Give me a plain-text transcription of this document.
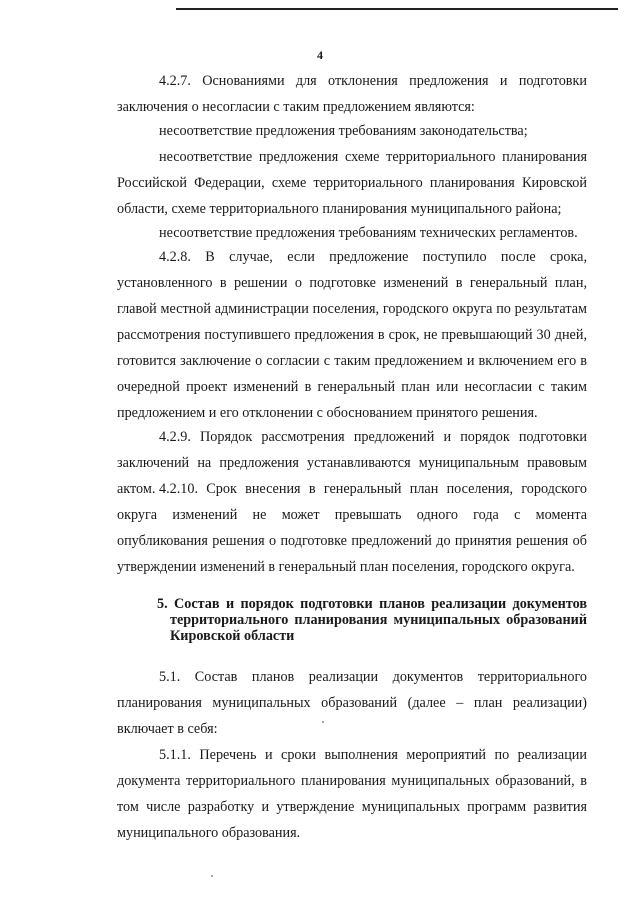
4

4.2.7. Основаниями для отклонения предложения и подготовки заключения о несогласии с таким предложением являются:

несоответствие предложения требованиям законодательства;

несоответствие предложения схеме территориального планирования Российской Федерации, схеме территориального планирования Кировской области, схеме территориального планирования муниципального района;

несоответствие предложения требованиям технических регламентов.

4.2.8. В случае, если предложение поступило после срока, установленного в решении о подготовке изменений в генеральный план, главой местной администрации поселения, городского округа по результатам рассмотрения поступившего предложения в срок, не превышающий 30 дней, готовится заключение о согласии с таким предложением и включением его в очередной проект изменений в генеральный план или несогласии с таким предложением и его отклонении с обоснованием принятого решения.

4.2.9. Порядок рассмотрения предложений и порядок подготовки заключений на предложения устанавливаются муниципальным правовым актом. 4.2.10. Срок внесения в генеральный план поселения, городского округа изменений не может превышать одного года с момента опубликования решения о подготовке предложений до принятия решения об утверждении изменений в генеральный план поселения, городского округа.

5. Состав и порядок подготовки планов реализации документов
территориального планирования муниципальных образований
Кировской области

5.1. Состав планов реализации документов территориального планирования муниципальных образований (далее – план реализации) включает в себя:

5.1.1. Перечень и сроки выполнения мероприятий по реализации документа территориального планирования муниципальных образований, в том числе разработку и утверждение муниципальных программ развития муниципального образования.
